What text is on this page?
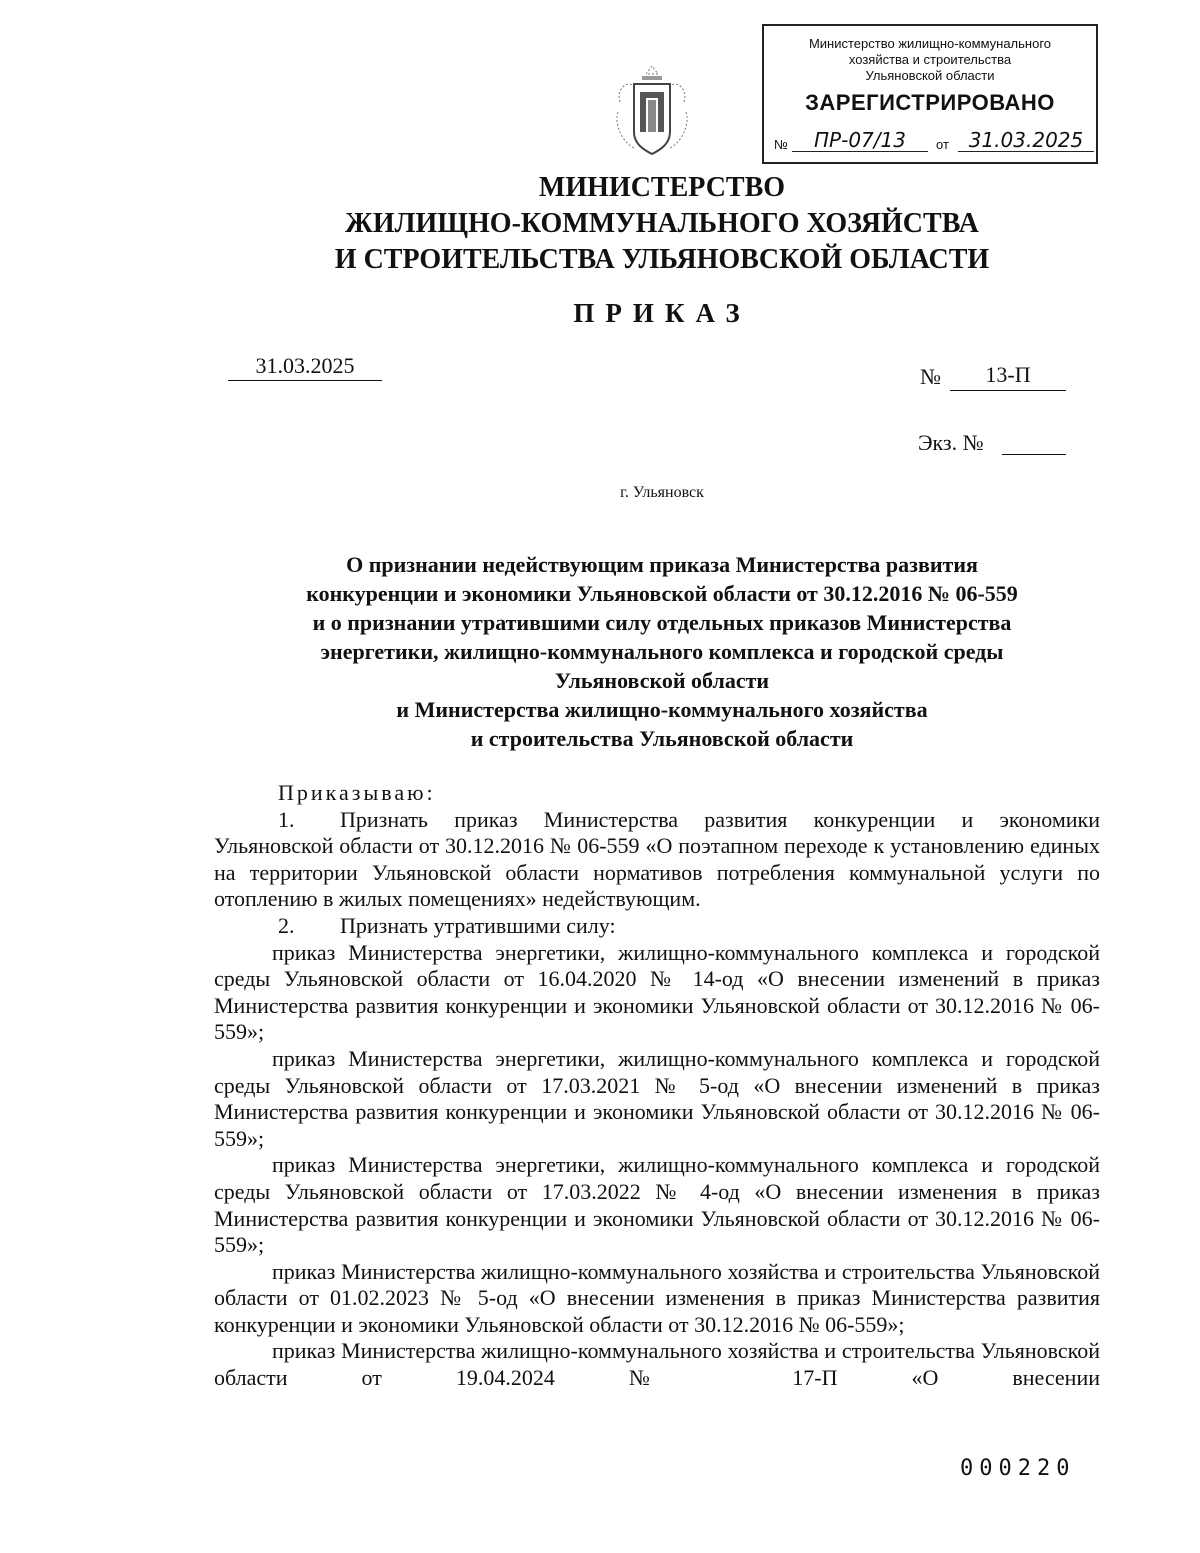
Министерство жилищно-коммунального
хозяйства и строительства
Ульяновской области
ЗАРЕГИСТРИРОВАНО
№	ПР-07/13	от 31.03.2025
МИНИСТЕРСТВО
ЖИЛИЩНО-КОММУНАЛЬНОГО ХОЗЯЙСТВА
И СТРОИТЕЛЬСТВА УЛЬЯНОВСКОЙ ОБЛАСТИ
ПРИКАЗ
31.03.2025	№	13-П
Экз. №
г. Ульяновск
О признании недействующим приказа Министерства развития
конкуренции и экономики Ульяновской области от 30.12.2016 № 06-559
и о признании утратившими силу отдельных приказов Министерства
энергетики, жилищно-коммунального комплекса и городской среды
Ульяновской области
и Министерства жилищно-коммунального хозяйства
и строительства Ульяновской области

Приказываю:

1. Признать приказ Министерства развития конкуренции и экономики Ульяновской области от 30.12.2016 № 06-559 «О поэтапном переходе к установлению единых на территории Ульяновской области нормативов потребления коммунальной услуги по отоплению в жилых помещениях» недействующим.

2. Признать утратившими силу:

приказ Министерства энергетики, жилищно-коммунального комплекса и городской среды Ульяновской области от 16.04.2020 № 14-од «О внесении изменений в приказ Министерства развития конкуренции и экономики Ульяновской области от 30.12.2016 № 06-559»;

приказ Министерства энергетики, жилищно-коммунального комплекса и городской среды Ульяновской области от 17.03.2021 № 5-од «О внесении изменений в приказ Министерства развития конкуренции и экономики Ульяновской области от 30.12.2016 № 06-559»;

приказ Министерства энергетики, жилищно-коммунального комплекса и городской среды Ульяновской области от 17.03.2022 № 4-од «О внесении изменения в приказ Министерства развития конкуренции и экономики Ульяновской области от 30.12.2016 № 06-559»;

приказ Министерства жилищно-коммунального хозяйства и строительства Ульяновской области от 01.02.2023 № 5-од «О внесении изменения в приказ Министерства развития конкуренции и экономики Ульяновской области от 30.12.2016 № 06-559»;

приказ Министерства жилищно-коммунального хозяйства и строительства Ульяновской области от 19.04.2024 № 17-П «О внесении

000220
